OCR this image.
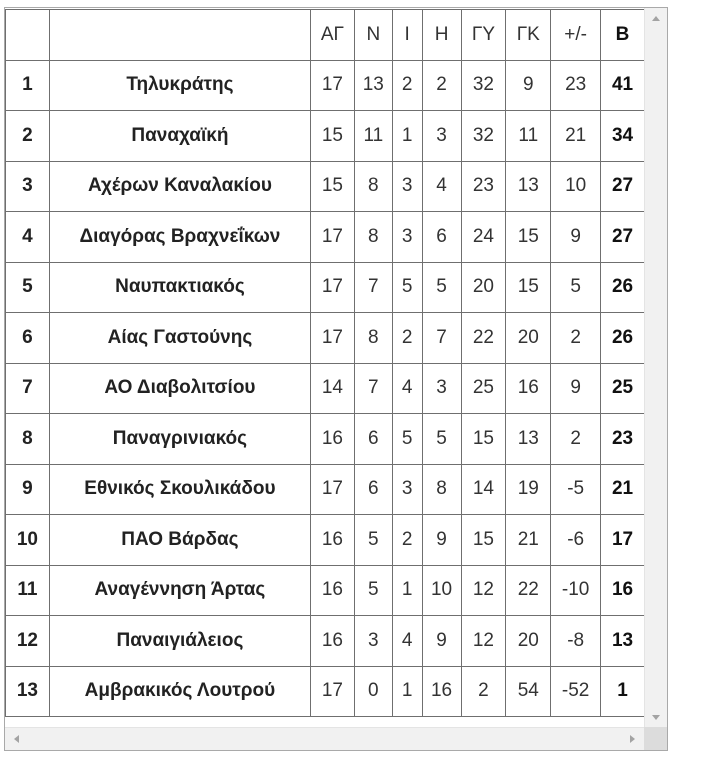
		ΑΓ	Ν	Ι	Η	ΓΥ	ΓΚ	+/-	Β
1	Τηλυκράτης	17	13	2	2	32	9	23	41
2	Παναχαϊκή	15	11	1	3	32	11	21	34
3	Αχέρων Καναλακίου	15	8	3	4	23	13	10	27
4	Διαγόρας Βραχνεΐκων	17	8	3	6	24	15	9	27
5	Ναυπακτιακός	17	7	5	5	20	15	5	26
6	Αίας Γαστούνης	17	8	2	7	22	20	2	26
7	ΑΟ Διαβολιτσίου	14	7	4	3	25	16	9	25
8	Παναγρινιακός	16	6	5	5	15	13	2	23
9	Εθνικός Σκουλικάδου	17	6	3	8	14	19	-5	21
10	ΠΑΟ Βάρδας	16	5	2	9	15	21	-6	17
11	Αναγέννηση Άρτας	16	5	1	10	12	22	-10	16
12	Παναιγιάλειος	16	3	4	9	12	20	-8	13
13	Αμβρακικός Λουτρού	17	0	1	16	2	54	-52	1
